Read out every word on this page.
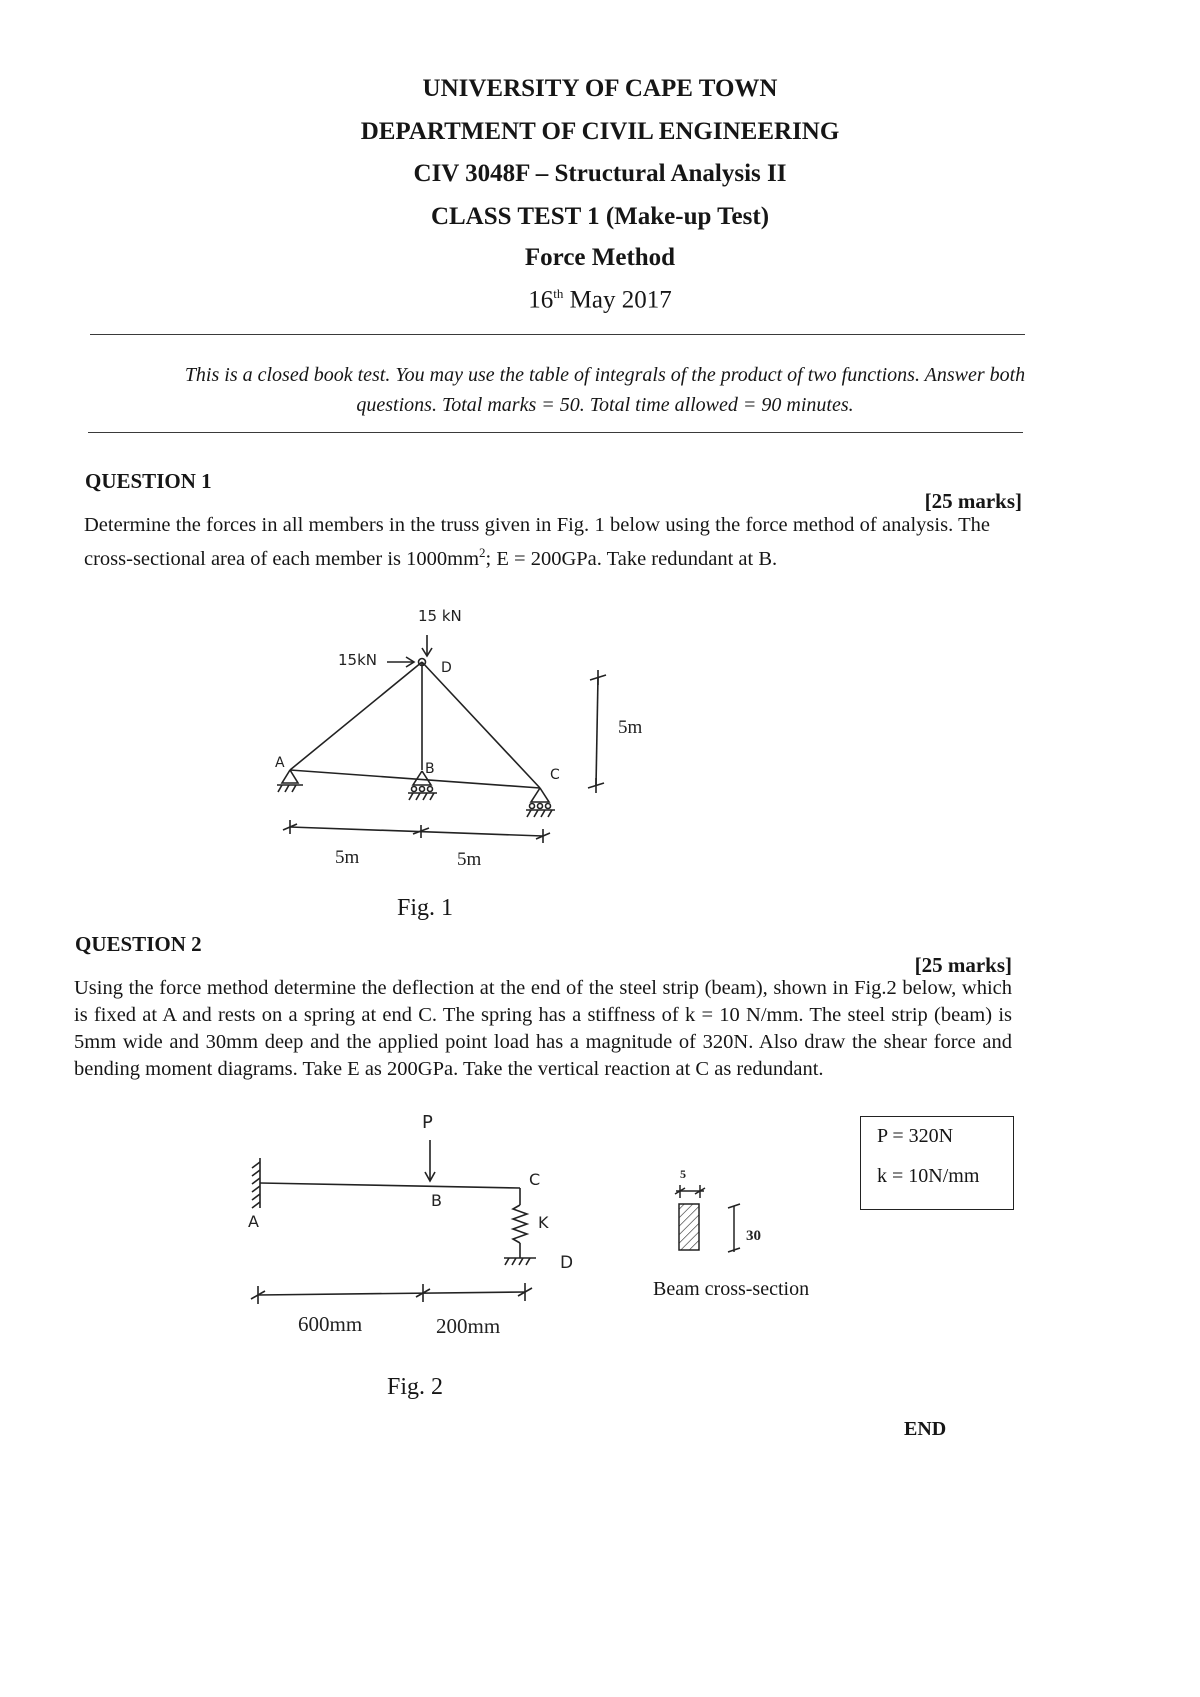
UNIVERSITY OF CAPE TOWN
DEPARTMENT OF CIVIL ENGINEERING
CIV 3048F – Structural Analysis II
CLASS TEST 1 (Make-up Test)
Force Method
16th May 2017
This is a closed book test. You may use the table of integrals of the product of two functions. Answer both
questions. Total marks = 50. Total time allowed = 90 minutes.
QUESTION 1
[25 marks]
Determine the forces in all members in the truss given in Fig. 1 below using the force method of analysis. The cross-sectional area of each member is $1000mm^2$; E = 200GPa. Take redundant at B.
15 kN
15kN	D
A	B	C
5m
5m	5m
Fig. 1
QUESTION 2
[25 marks]
Using the force method determine the deflection at the end of the steel strip (beam), shown in Fig.2 below, which is fixed at A and rests on a spring at end C. The spring has a stiffness of k = 10 N/mm. The steel strip (beam) is 5mm wide and 30mm deep and the applied point load has a magnitude of 320N. Also draw the shear force and bending moment diagrams. Take E as 200GPa. Take the vertical reaction at C as redundant.
P
A
B
C
K
D
600mm	200mm
Fig. 2
5
30
Beam cross-section
P = 320N
k = 10N/mm
END
